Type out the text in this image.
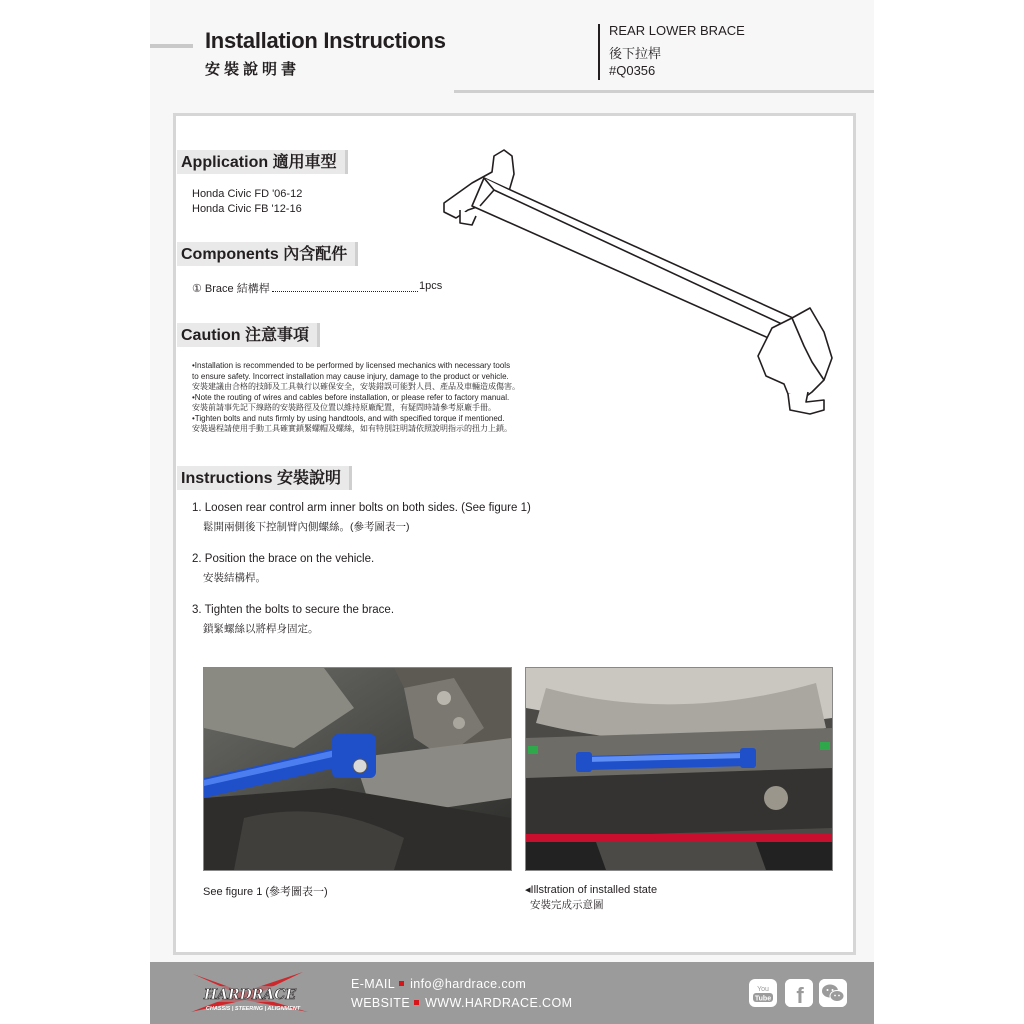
Installation Instructions
安裝說明書
REAR LOWER BRACE
後下拉桿
#Q0356
Application 適用車型
Honda Civic FD '06-12
Honda Civic FB '12-16
Components 內含配件
① Brace 結構桿	1pcs
Caution 注意事項
•Installation is recommended to be performed by licensed mechanics with necessary tools
to ensure safety. Incorrect installation may cause injury, damage to the product or vehicle.
安裝建議由合格的技師及工具執行以確保安全，安裝錯誤可能對人員、產品及車輛造成傷害。
•Note the routing of wires and cables before installation, or please refer to factory manual.
安裝前請事先記下線路的安裝路徑及位置以維持原廠配置，有疑問時請參考原廠手冊。
•Tighten bolts and nuts firmly by using handtools, and with specified torque if mentioned.
安裝過程請使用手動工具確實鎖緊螺帽及螺絲，如有特別註明請依照說明指示的扭力上鎖。
Instructions 安裝說明
1. Loosen rear control arm inner bolts on both sides. (See figure 1)
鬆開兩側後下控制臂內側螺絲。(參考圖表一)
2. Position the brace on the vehicle.
安裝結構桿。
3. Tighten the bolts to secure the brace.
鎖緊螺絲以將桿身固定。
See figure 1 (參考圖表一)	◂Illstration of installed state
安裝完成示意圖
HARDRACE
CHASSIS | STEERING | ALIGNMENT
E-MAIL info@hardrace.com
WEBSITE WWW.HARDRACE.COM
You
Tube f
